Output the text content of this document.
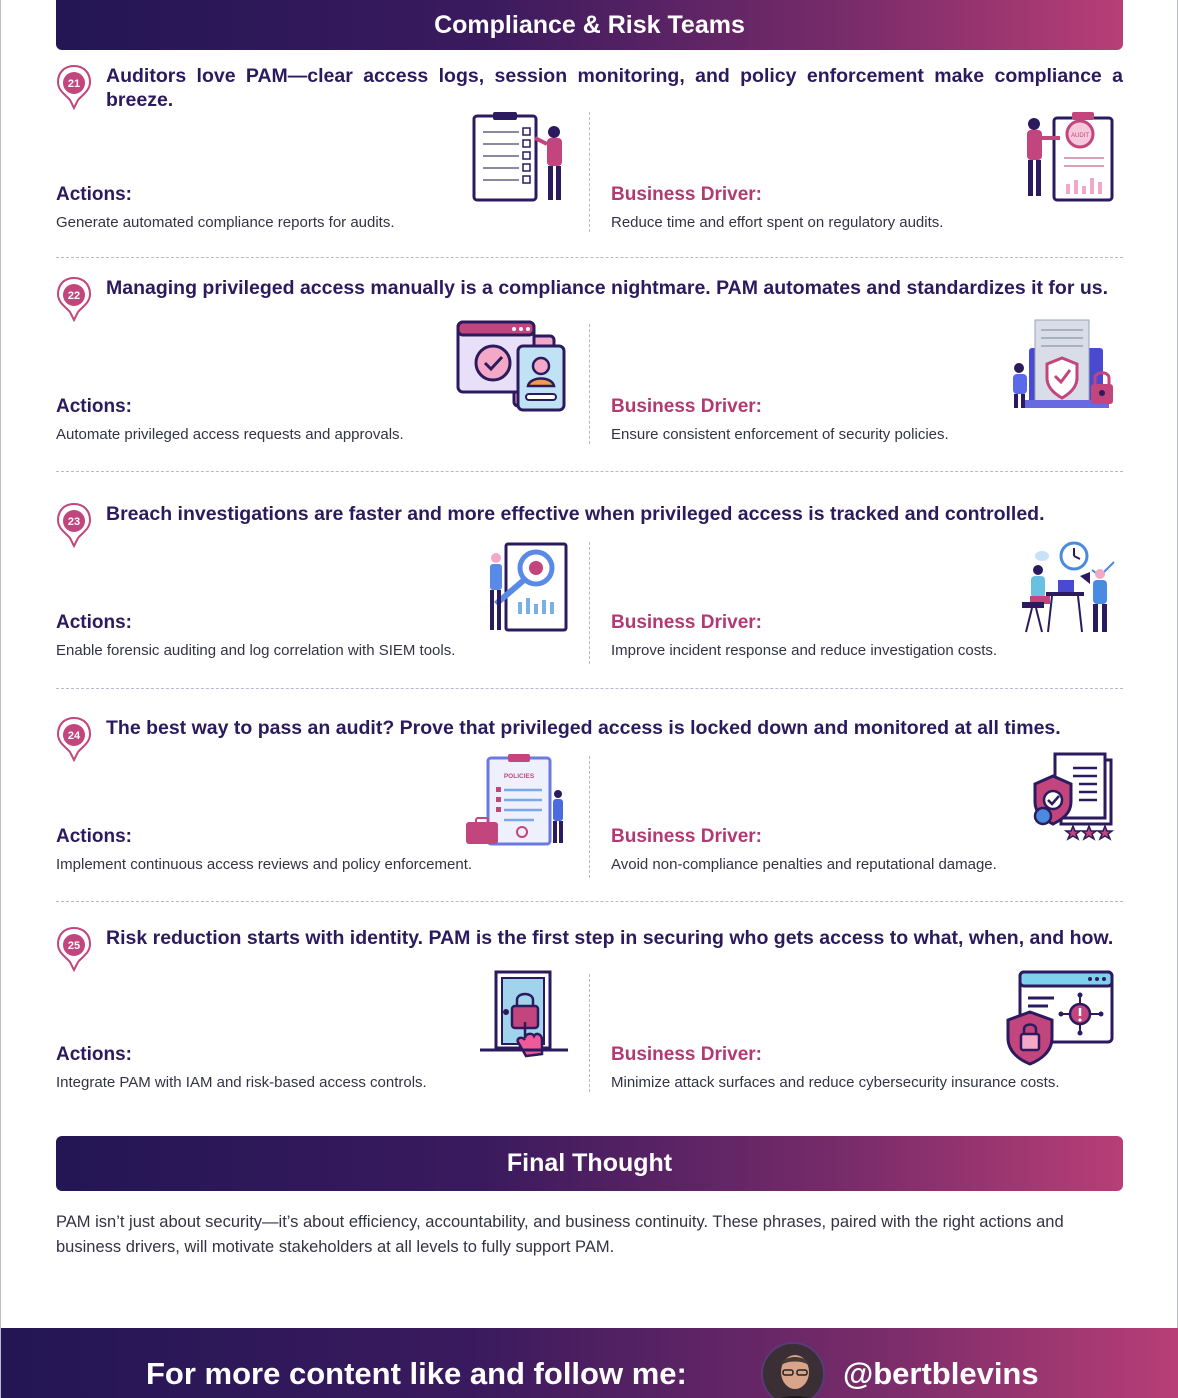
Compliance & Risk Teams
21 Auditors love PAM—clear access logs, session monitoring, and policy enforcement make compliance a breeze.
Actions:
Generate automated compliance reports for audits.
Business Driver:
Reduce time and effort spent on regulatory audits.
AUDIT
22 Managing privileged access manually is a compliance nightmare. PAM automates and standardizes it for us.
Actions:
Automate privileged access requests and approvals.
Business Driver:
Ensure consistent enforcement of security policies.
23 Breach investigations are faster and more effective when privileged access is tracked and controlled.
Actions:
Enable forensic auditing and log correlation with SIEM tools.
Business Driver:
Improve incident response and reduce investigation costs.
24 The best way to pass an audit? Prove that privileged access is locked down and monitored at all times.
Actions:
Implement continuous access reviews and policy enforcement.
POLICIES
Business Driver:
Avoid non-compliance penalties and reputational damage.
25 Risk reduction starts with identity. PAM is the first step in securing who gets access to what, when, and how.
Actions:
Integrate PAM with IAM and risk-based access controls.
Business Driver:
Minimize attack surfaces and reduce cybersecurity insurance costs.
Final Thought
PAM isn’t just about security—it’s about efficiency, accountability, and business continuity. These phrases, paired with the right actions and business drivers, will motivate stakeholders at all levels to fully support PAM.
For more content like and follow me:	@bertblevins
